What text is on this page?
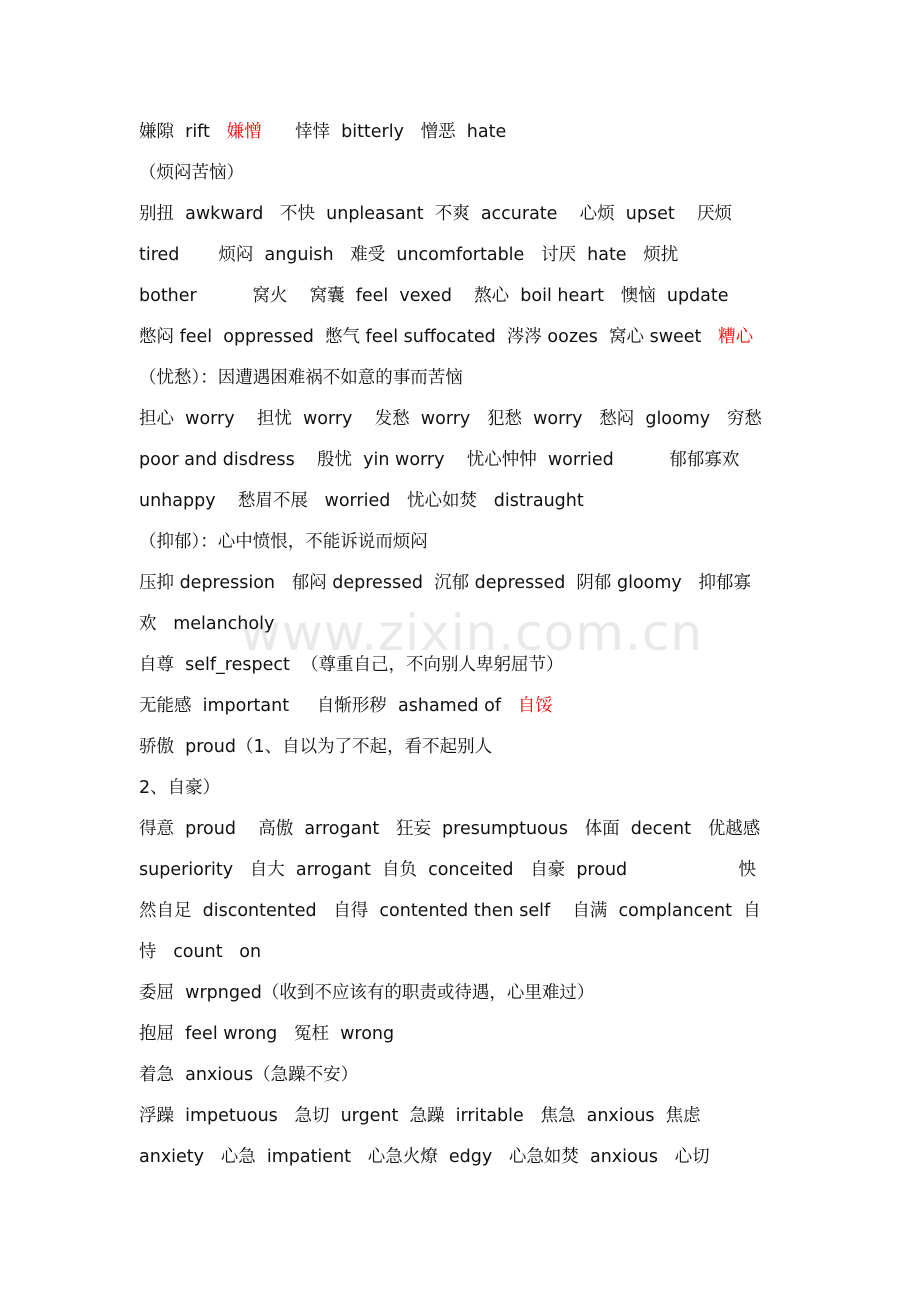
www.zixin.com.cn
嫌隙  rift   嫌憎      悻悻  bitterly   憎恶  hate
（烦闷苦恼）
别扭  awkward   不快  unpleasant  不爽  accurate    心烦  upset    厌烦
tired       烦闷  anguish   难受  uncomfortable   讨厌  hate   烦扰
bother          窝火    窝囊  feel  vexed    熬心  boil heart   懊恼  update
憋闷 feel  oppressed  憋气 feel suffocated  涔涔 oozes  窝心 sweet   糟心
（忧愁）：因遭遇困难祸不如意的事而苦恼
担心  worry    担忧  worry    发愁  worry   犯愁  worry   愁闷  gloomy   穷愁
poor and disdress    殷忧  yin worry    忧心忡忡  worried          郁郁寡欢
unhappy    愁眉不展   worried   忧心如焚   distraught
（抑郁）：心中愤恨，不能诉说而烦闷
压抑 depression   郁闷 depressed  沉郁 depressed  阴郁 gloomy   抑郁寡
欢   melancholy
自尊  self_respect  （尊重自己，不向别人卑躬屈节）
无能感  important     自惭形秽  ashamed of   自馁
骄傲  proud（1、自以为了不起，看不起别人
2、自豪）
得意  proud    高傲  arrogant   狂妄  presumptuous   体面  decent   优越感
superiority   自大  arrogant  自负  conceited   自豪  proud                    怏
然自足  discontented   自得  contented then self    自满  complancent  自
恃   count   on
委屈  wrpnged（收到不应该有的职责或待遇，心里难过）
抱屈  feel wrong   冤枉  wrong
着急  anxious（急躁不安）
浮躁  impetuous   急切  urgent  急躁  irritable   焦急  anxious  焦虑
anxiety   心急  impatient   心急火燎  edgy   心急如焚  anxious   心切
